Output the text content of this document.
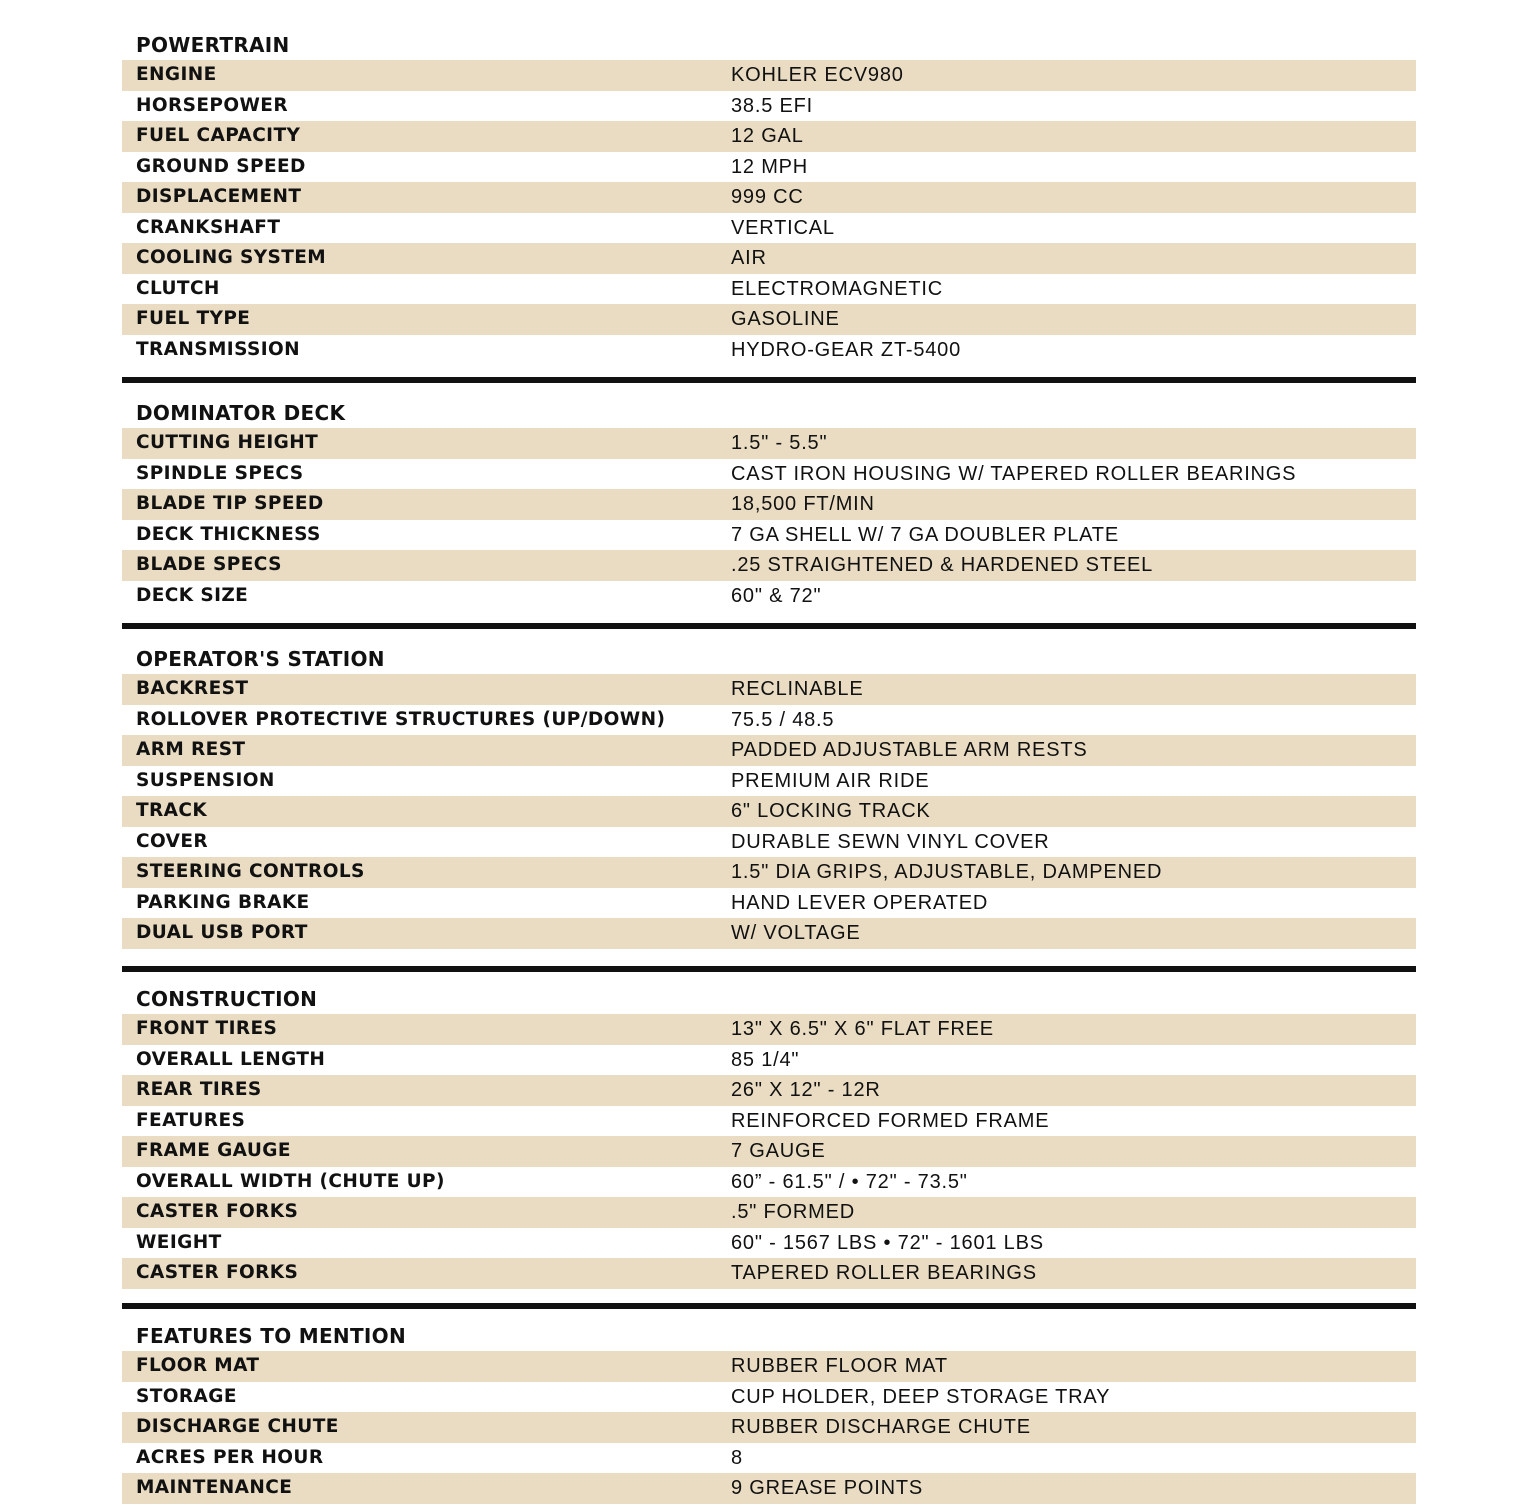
POWERTRAIN
ENGINE	KOHLER ECV980
HORSEPOWER	38.5 EFI
FUEL CAPACITY	12 GAL
GROUND SPEED	12 MPH
DISPLACEMENT	999 CC
CRANKSHAFT	VERTICAL
COOLING SYSTEM	AIR
CLUTCH	ELECTROMAGNETIC
FUEL TYPE	GASOLINE
TRANSMISSION	HYDRO-GEAR ZT-5400
DOMINATOR DECK
CUTTING HEIGHT	1.5" - 5.5"
SPINDLE SPECS	CAST IRON HOUSING W/ TAPERED ROLLER BEARINGS
BLADE TIP SPEED	18,500 FT/MIN
DECK THICKNESS	7 GA SHELL W/ 7 GA DOUBLER PLATE
BLADE SPECS	.25 STRAIGHTENED & HARDENED STEEL
DECK SIZE	60" & 72"
OPERATOR'S STATION
BACKREST	RECLINABLE
ROLLOVER PROTECTIVE STRUCTURES (UP/DOWN)	75.5 / 48.5
ARM REST	PADDED ADJUSTABLE ARM RESTS
SUSPENSION	PREMIUM AIR RIDE
TRACK	6" LOCKING TRACK
COVER	DURABLE SEWN VINYL COVER
STEERING CONTROLS	1.5" DIA GRIPS, ADJUSTABLE, DAMPENED
PARKING BRAKE	HAND LEVER OPERATED
DUAL USB PORT	W/ VOLTAGE
CONSTRUCTION
FRONT TIRES	13" X 6.5" X 6" FLAT FREE
OVERALL LENGTH	85 1/4"
REAR TIRES	26" X 12" - 12R
FEATURES	REINFORCED FORMED FRAME
FRAME GAUGE	7 GAUGE
OVERALL WIDTH (CHUTE UP)	60” - 61.5" / • 72" - 73.5"
CASTER FORKS	.5" FORMED
WEIGHT	60" - 1567 LBS • 72" - 1601 LBS
CASTER FORKS	TAPERED ROLLER BEARINGS
FEATURES TO MENTION
FLOOR MAT	RUBBER FLOOR MAT
STORAGE	CUP HOLDER, DEEP STORAGE TRAY
DISCHARGE CHUTE	RUBBER DISCHARGE CHUTE
ACRES PER HOUR	8
MAINTENANCE	9 GREASE POINTS
